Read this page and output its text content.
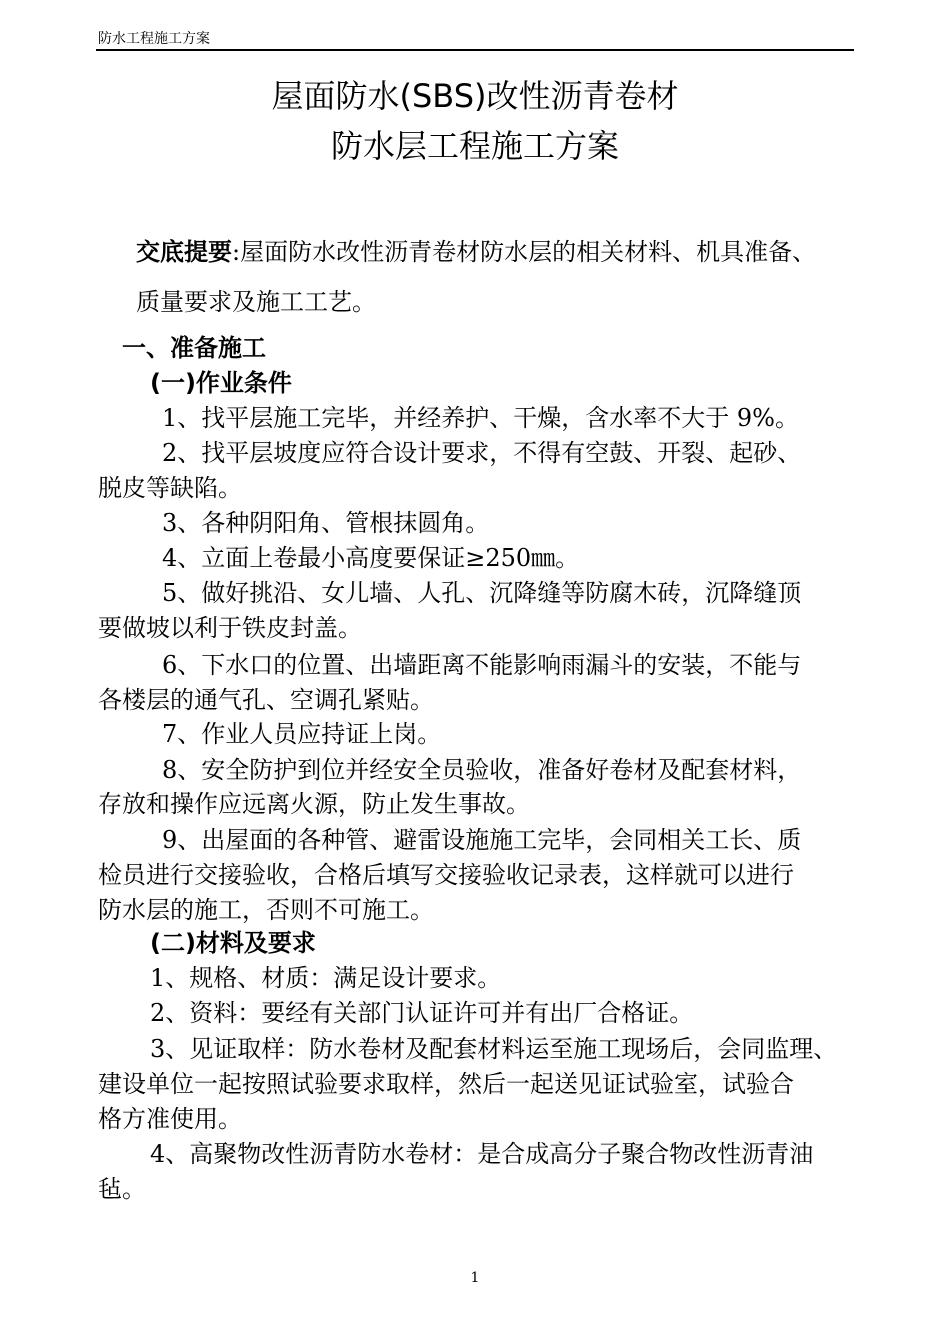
防水工程施工方案
屋面防水(SBS)改性沥青卷材
防水层工程施工方案
交底提要:屋面防水改性沥青卷材防水层的相关材料、机具准备、
质量要求及施工工艺。
一、准备施工
(一)作业条件
1、找平层施工完毕，并经养护、干燥，含水率不大于 9%。
2、找平层坡度应符合设计要求，不得有空鼓、开裂、起砂、
脱皮等缺陷。
3、各种阴阳角、管根抹圆角。
4、立面上卷最小高度要保证≥250㎜。
5、做好挑沿、女儿墙、人孔、沉降缝等防腐木砖，沉降缝顶
要做坡以利于铁皮封盖。
6、下水口的位置、出墙距离不能影响雨漏斗的安装，不能与
各楼层的通气孔、空调孔紧贴。
7、作业人员应持证上岗。
8、安全防护到位并经安全员验收，准备好卷材及配套材料，
存放和操作应远离火源，防止发生事故。
9、出屋面的各种管、避雷设施施工完毕，会同相关工长、质
检员进行交接验收，合格后填写交接验收记录表，这样就可以进行
防水层的施工，否则不可施工。
(二)材料及要求
1、规格、材质：满足设计要求。
2、资料：要经有关部门认证许可并有出厂合格证。
3、见证取样：防水卷材及配套材料运至施工现场后，会同监理、
建设单位一起按照试验要求取样，然后一起送见证试验室，试验合
格方准使用。
4、高聚物改性沥青防水卷材：是合成高分子聚合物改性沥青油
毡。
1
